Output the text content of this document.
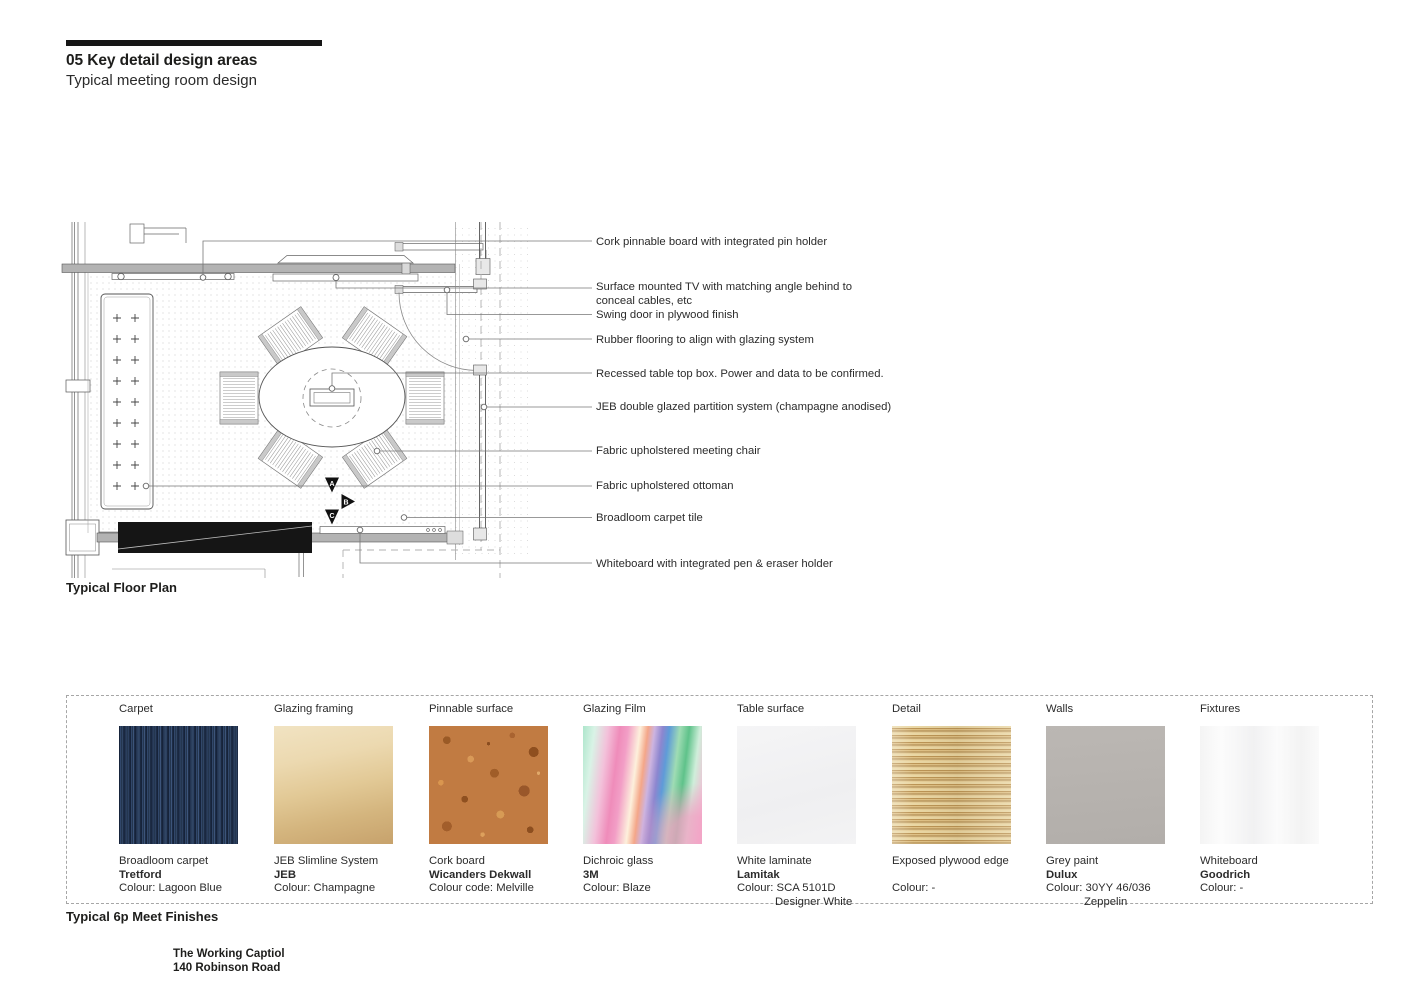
05 Key detail design areas
Typical meeting room design
A
B
C
Cork pinnable board with integrated pin holder
Surface mounted TV with matching angle behind to conceal cables, etc
Swing door in plywood finish
Rubber flooring to align with glazing system
Recessed table top box. Power and data to be confirmed.
JEB double glazed partition system (champagne anodised)
Fabric upholstered meeting chair
Fabric upholstered ottoman
Broadloom carpet tile
Whiteboard with integrated pen & eraser holder
Typical Floor Plan
Carpet
Broadloom carpet
Tretford
Colour: Lagoon Blue
Glazing framing
JEB Slimline System
JEB
Colour: Champagne
Pinnable surface
Cork board
Wicanders Dekwall
Colour code: Melville
Glazing Film
Dichroic glass
3M
Colour: Blaze
Table surface
White laminate
Lamitak
Colour: SCA 5101D
Designer White
Detail
Exposed plywood edge
Colour: -
Walls
Grey paint
Dulux
Colour: 30YY 46/036
Zeppelin
Fixtures
Whiteboard
Goodrich
Colour: -
Typical 6p Meet Finishes
The Working Captiol
140 Robinson Road
